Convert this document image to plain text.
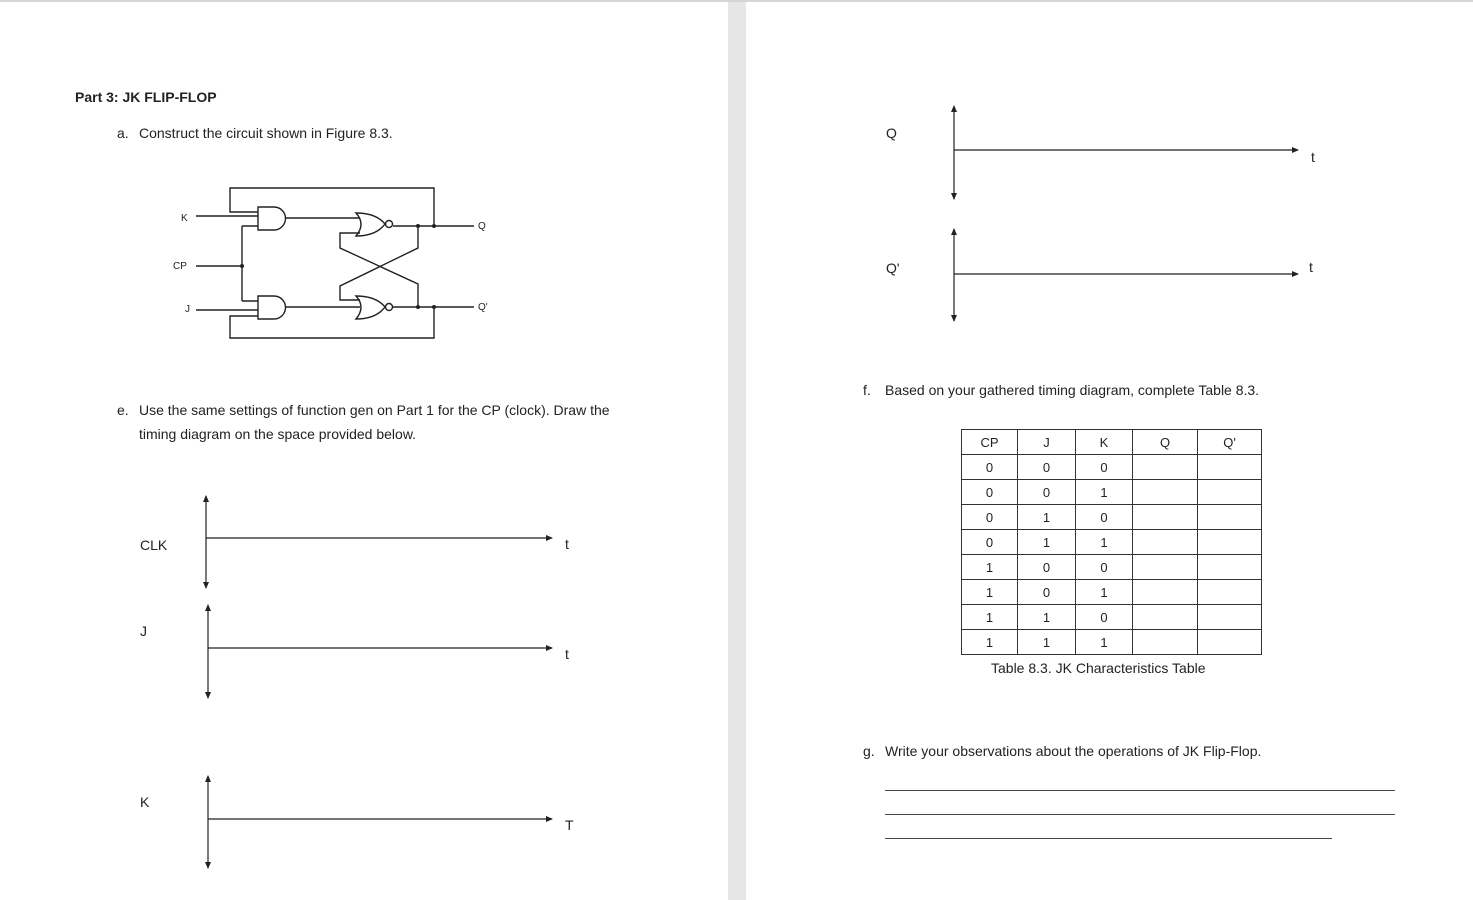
Part 3: JK FLIP-FLOP
a. Construct the circuit shown in Figure 8.3.
K
CP
J
Q
Q'
e. Use the same settings of function gen on Part 1 for the CP (clock). Draw the
timing diagram on the space provided below.
CLK
J
K
t
t
T
Q
Q'
t
t
f. Based on your gathered timing diagram, complete Table 8.3.
CP	J	K	Q	Q'
0	0	0		
0	0	1		
0	1	0		
0	1	1		
1	0	0		
1	0	1		
1	1	0		
1	1	1		
Table 8.3. JK Characteristics Table
g. Write your observations about the operations of JK Flip-Flop.
